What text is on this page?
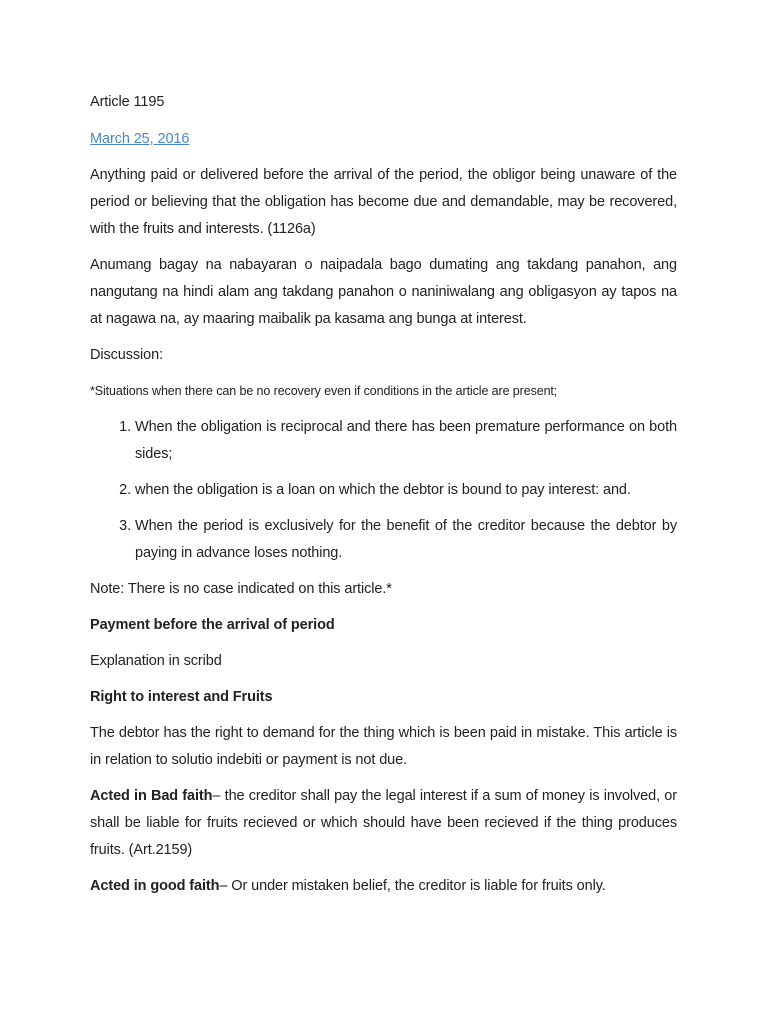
Article 1195

March 25, 2016

Anything paid or delivered before the arrival of the period, the obligor being unaware of the period or believing that the obligation has become due and demandable, may be recovered, with the fruits and interests. (1126a)

Anumang bagay na nabayaran o naipadala bago dumating ang takdang panahon, ang nangutang na hindi alam ang takdang panahon o naniniwalang ang obligasyon ay tapos na at nagawa na, ay maaring maibalik pa kasama ang bunga at interest.

Discussion:

*Situations when there can be no recovery even if conditions in the article are present;

1. When the obligation is reciprocal and there has been premature performance on both sides;
2. when the obligation is a loan on which the debtor is bound to pay interest: and.
3. When the period is exclusively for the benefit of the creditor because the debtor by paying in advance loses nothing.

Note: There is no case indicated on this article.*

Payment before the arrival of period

Explanation in scribd

Right to interest and Fruits

The debtor has the right to demand for the thing which is been paid in mistake. This article is in relation to solutio indebiti or payment is not due.

Acted in Bad faith– the creditor shall pay the legal interest if a sum of money is involved, or shall be liable for fruits recieved or which should have been recieved if the thing produces fruits. (Art.2159)

Acted in good faith– Or under mistaken belief, the creditor is liable for fruits only.
